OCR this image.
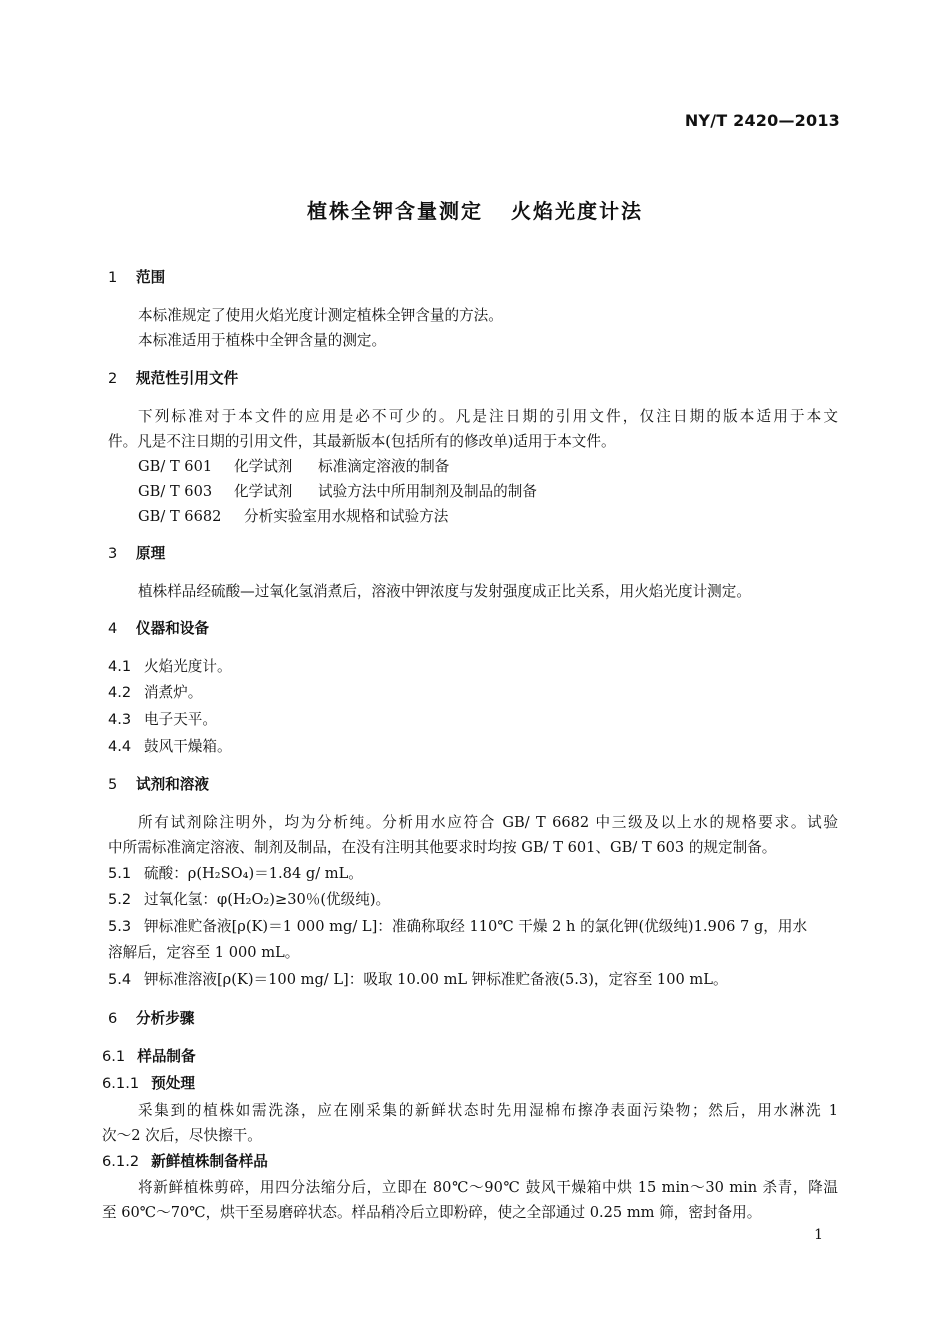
NY/T 2420—2013
植株全钾含量测定 火焰光度计法
1 范围
本标准规定了使用火焰光度计测定植株全钾含量的方法。
本标准适用于植株中全钾含量的测定。
2 规范性引用文件
下列标准对于本文件的应用是必不可少的。凡是注日期的引用文件，仅注日期的版本适用于本文
件。凡是不注日期的引用文件，其最新版本(包括所有的修改单)适用于本文件。
GB/ T 601 化学试剂 标准滴定溶液的制备
GB/ T 603 化学试剂 试验方法中所用制剂及制品的制备
GB/ T 6682 分析实验室用水规格和试验方法
3 原理
植株样品经硫酸—过氧化氢消煮后，溶液中钾浓度与发射强度成正比关系，用火焰光度计测定。
4 仪器和设备
4.1 火焰光度计。
4.2 消煮炉。
4.3 电子天平。
4.4 鼓风干燥箱。
5 试剂和溶液
所有试剂除注明外，均为分析纯。分析用水应符合 GB/ T 6682 中三级及以上水的规格要求。试验
中所需标准滴定溶液、制剂及制品，在没有注明其他要求时均按 GB/ T 601、GB/ T 603 的规定制备。
5.1 硫酸：ρ(H₂SO₄)＝1.84 g/ mL。
5.2 过氧化氢：φ(H₂O₂)≥30％(优级纯)。
5.3 钾标准贮备液[ρ(K)＝1 000 mg/ L]：准确称取经 110℃ 干燥 2 h 的氯化钾(优级纯)1.906 7 g，用水
溶解后，定容至 1 000 mL。
5.4 钾标准溶液[ρ(K)＝100 mg/ L]：吸取 10.00 mL 钾标准贮备液(5.3)，定容至 100 mL。
6 分析步骤
6.1 样品制备
6.1.1 预处理
采集到的植株如需洗涤，应在刚采集的新鲜状态时先用湿棉布擦净表面污染物；然后，用水淋洗 1
次～2 次后，尽快擦干。
6.1.2 新鲜植株制备样品
将新鲜植株剪碎，用四分法缩分后，立即在 80℃～90℃ 鼓风干燥箱中烘 15 min～30 min 杀青，降温
至 60℃～70℃，烘干至易磨碎状态。样品稍冷后立即粉碎，使之全部通过 0.25 mm 筛，密封备用。
1
